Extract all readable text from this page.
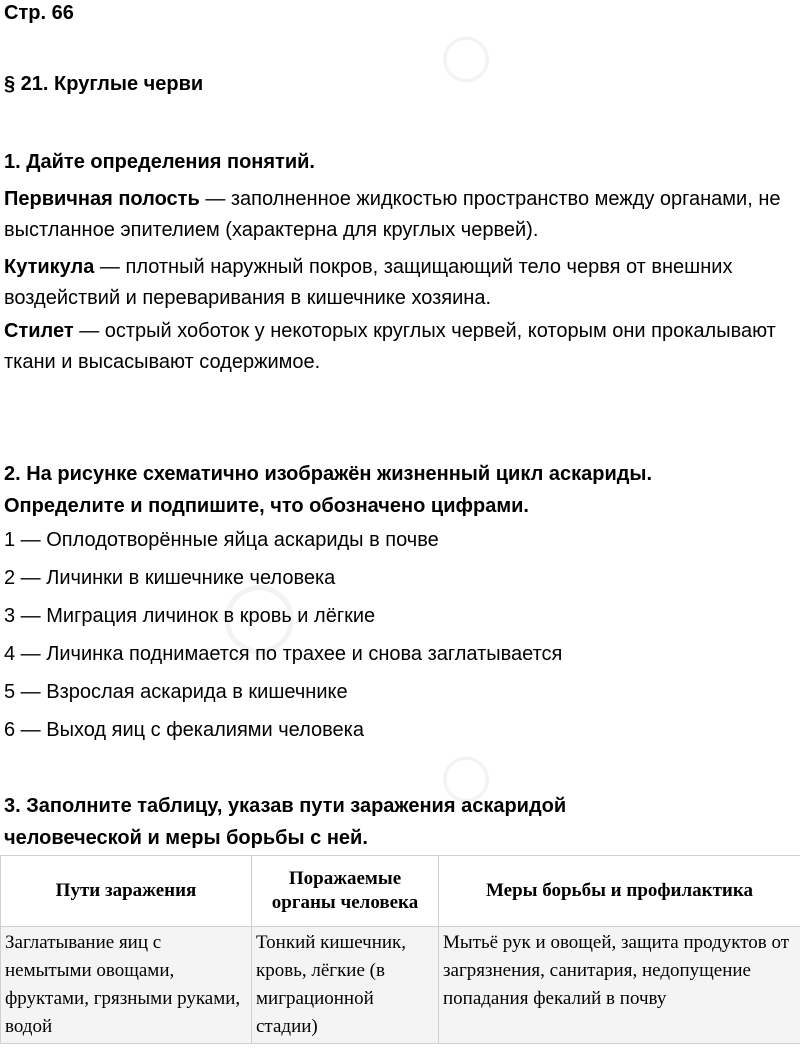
○
○
○
Стр. 66
§ 21. Круглые черви
1. Дайте определения понятий.
Первичная полость — заполненное жидкостью пространство между органами, не выстланное эпителием (характерна для круглых червей).
Кутикула — плотный наружный покров, защищающий тело червя от внешних воздействий и переваривания в кишечнике хозяина.
Стилет — острый хоботок у некоторых круглых червей, которым они прокалывают ткани и высасывают содержимое.
2. На рисунке схематично изображён жизненный цикл аскариды.
Определите и подпишите, что обозначено цифрами.
1 — Оплодотворённые яйца аскариды в почве
2 — Личинки в кишечнике человека
3 — Миграция личинок в кровь и лёгкие
4 — Личинка поднимается по трахее и снова заглатывается
5 — Взрослая аскарида в кишечнике
6 — Выход яиц с фекалиями человека
3. Заполните таблицу, указав пути заражения аскаридой
человеческой и меры борьбы с ней.
Пути заражения	Поражаемые органы человека	Меры борьбы и профилактика
Заглатывание яиц с немытыми овощами, фруктами, грязными руками, водой	Тонкий кишечник, кровь, лёгкие (в миграционной стадии)	Мытьё рук и овощей, защита продуктов от загрязнения, санитария, недопущение попадания фекалий в почву
